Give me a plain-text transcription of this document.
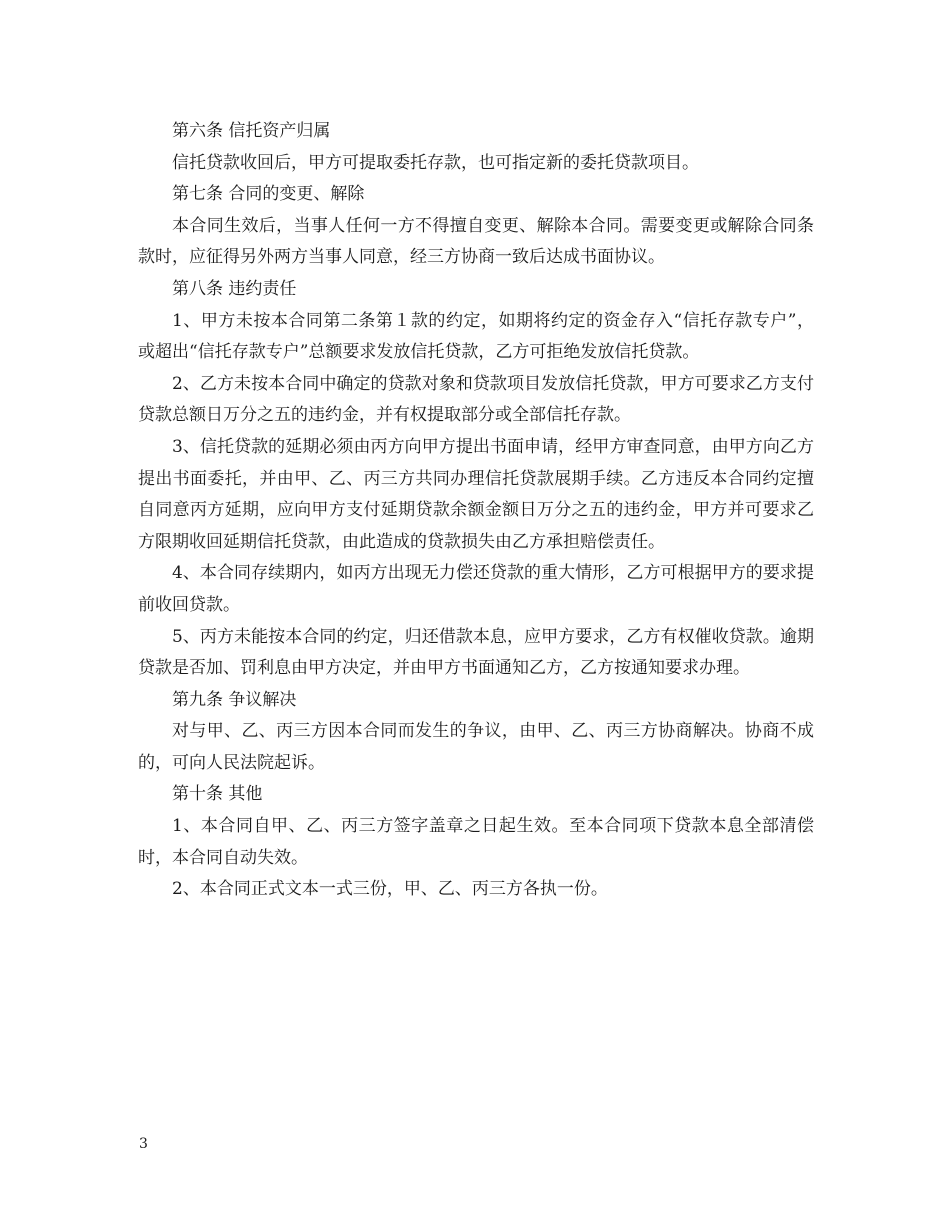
第六条 信托资产归属

信托贷款收回后，甲方可提取委托存款，也可指定新的委托贷款项目。

第七条 合同的变更、解除

本合同生效后，当事人任何一方不得擅自变更、解除本合同。需要变更或解除合同条款时，应征得另外两方当事人同意，经三方协商一致后达成书面协议。

第八条 违约责任

1、甲方未按本合同第二条第１款的约定，如期将约定的资金存入“信托存款专户”， 或超出“信托存款专户”总额要求发放信托贷款，乙方可拒绝发放信托贷款。

2、乙方未按本合同中确定的贷款对象和贷款项目发放信托贷款，甲方可要求乙方支付贷款总额日万分之五的违约金，并有权提取部分或全部信托存款。

3、信托贷款的延期必须由丙方向甲方提出书面申请，经甲方审查同意，由甲方向乙方提出书面委托，并由甲、乙、丙三方共同办理信托贷款展期手续。乙方违反本合同约定擅自同意丙方延期，应向甲方支付延期贷款余额金额日万分之五的违约金，甲方并可要求乙方限期收回延期信托贷款，由此造成的贷款损失由乙方承担赔偿责任。

4、本合同存续期内，如丙方出现无力偿还贷款的重大情形，乙方可根据甲方的要求提前收回贷款。

5、丙方未能按本合同的约定，归还借款本息，应甲方要求，乙方有权催收贷款。逾期贷款是否加、罚利息由甲方决定，并由甲方书面通知乙方，乙方按通知要求办理。

第九条 争议解决

对与甲、乙、丙三方因本合同而发生的争议，由甲、乙、丙三方协商解决。协商不成的，可向人民法院起诉。

第十条 其他

1、本合同自甲、乙、丙三方签字盖章之日起生效。至本合同项下贷款本息全部清偿时，本合同自动失效。

2、本合同正式文本一式三份，甲、乙、丙三方各执一份。

3
